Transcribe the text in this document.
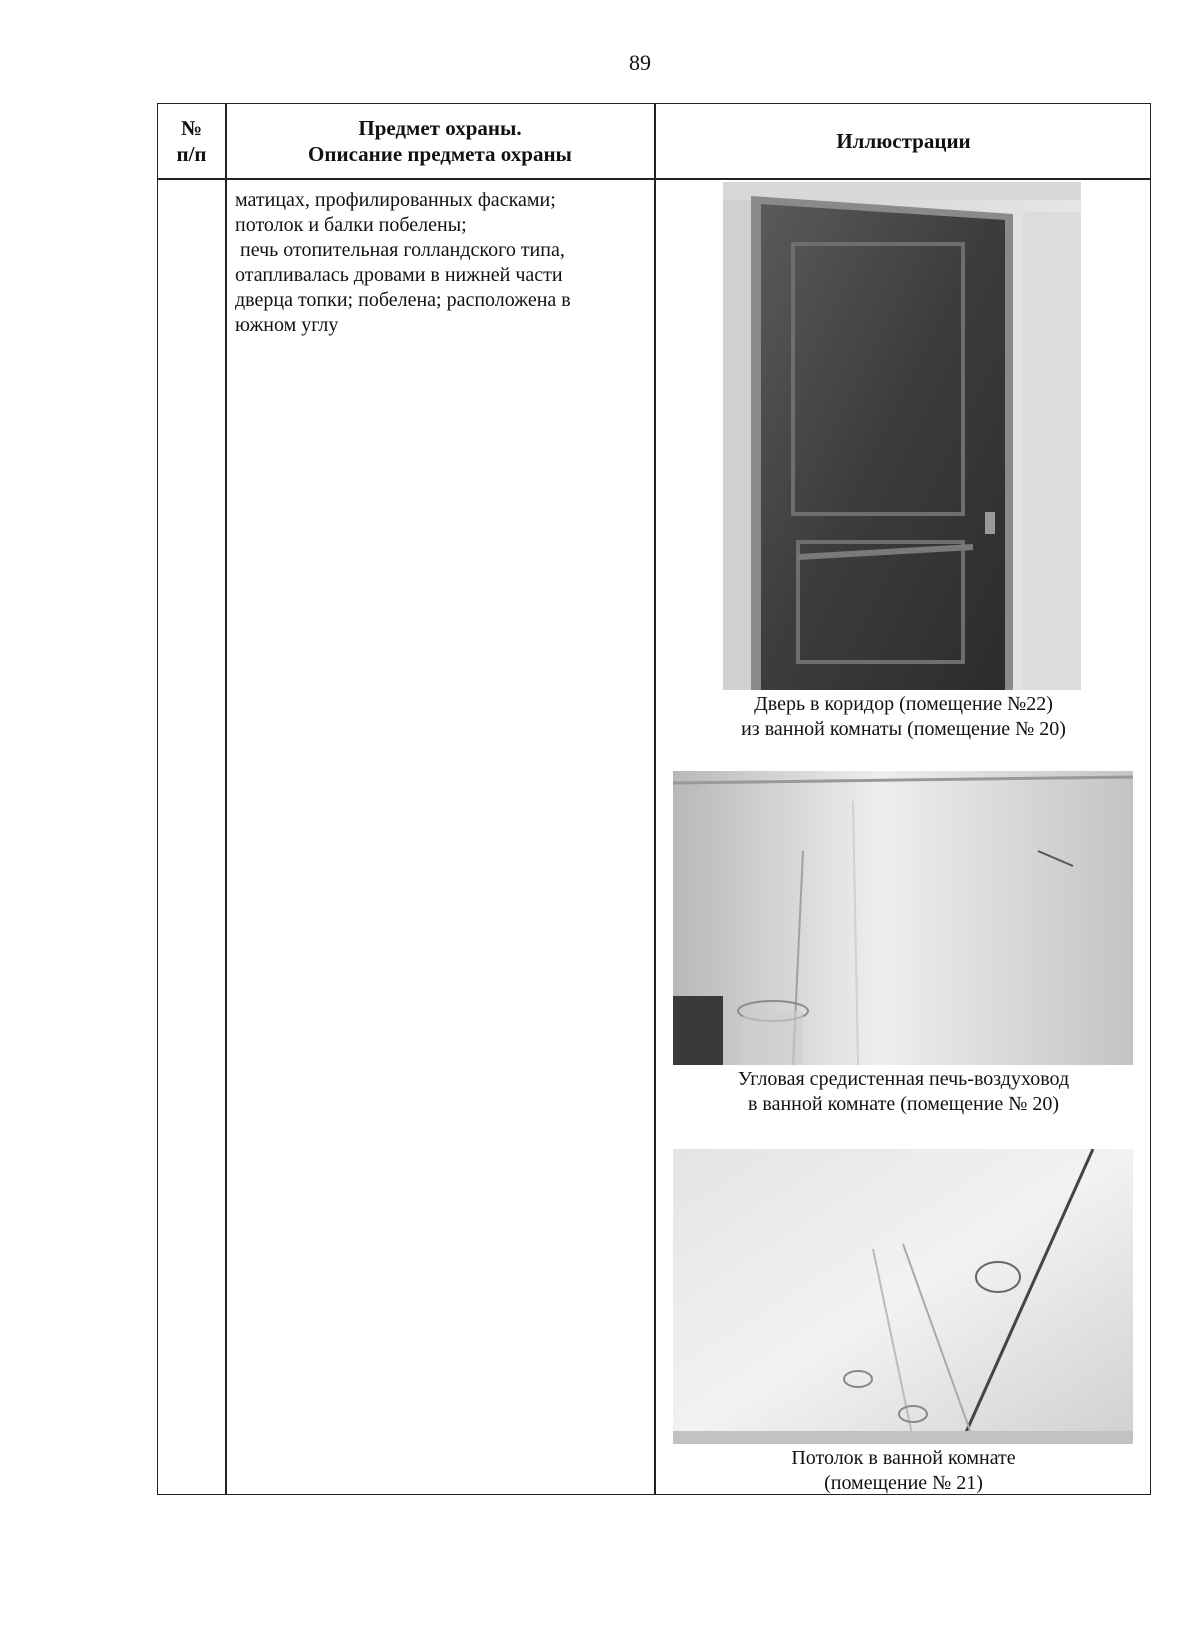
89
№
п/п
Предмет охраны.
Описание предмета охраны
Иллюстрации

матицах, профилированных фасками;

потолок и балки побелены;

печь отопительная голландского типа,

отапливалась дровами в нижней части

дверца топки; побелена; расположена в

южном углу

Дверь в коридор (помещение №22)
из ванной комнаты (помещение № 20)
Угловая средистенная печь-воздуховод
в ванной комнате (помещение № 20)
Потолок в ванной комнате
(помещение № 21)
